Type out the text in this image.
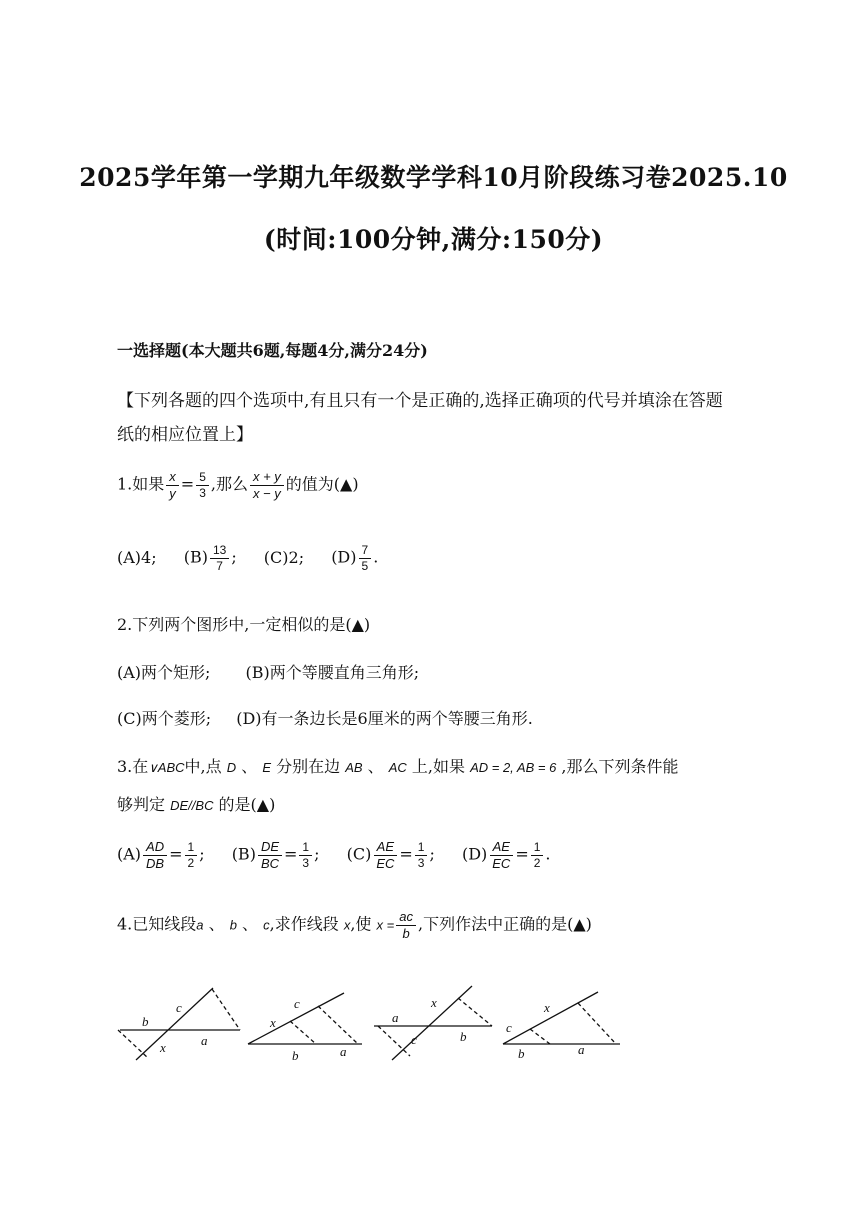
2025学年第一学期九年级数学学科10月阶段练习卷2025.10
(时间:100分钟,满分:150分)
一选择题(本大题共6题,每题4分,满分24分)
【下列各题的四个选项中,有且只有一个是正确的,选择正确项的代号并填涂在答题
纸的相应位置上】
1.如果 $\frac{x}{y} = \frac{5}{3}$ ,那么 $\frac{x + y}{x - y}$ 的值为(▲)
(A)4; $(B) \frac{13}{7}$ ; (C)2; $(D) \frac{7}{5}$ .
2.下列两个图形中,一定相似的是(▲)
(A)两个矩形; (B)两个等腰直角三角形;
(C)两个菱形; (D)有一条边长是6厘米的两个等腰三角形.
3.在∨ABC中,点 D 、 E 分别在边 AB 、 AC 上,如果 AD = 2, AB = 6 ,那么下列条件能
够判定 DE//BC 的是(▲)
$(A) \frac{AD}{DB} = \frac{1}{2}$ ; $(B) \frac{DE}{BC} = \frac{1}{3}$ ; $(C) \frac{AE}{EC} = \frac{1}{3}$ ; $(D) \frac{AE}{EC} = \frac{1}{2}$ .
4.已知线段a 、 b 、 c,求作线段 x,使 $x = \frac{ac}{b}$ ,下列作法中正确的是(▲)
b
c
x	a
c
x
b	a
a
x
c	b
x
c
b	a
